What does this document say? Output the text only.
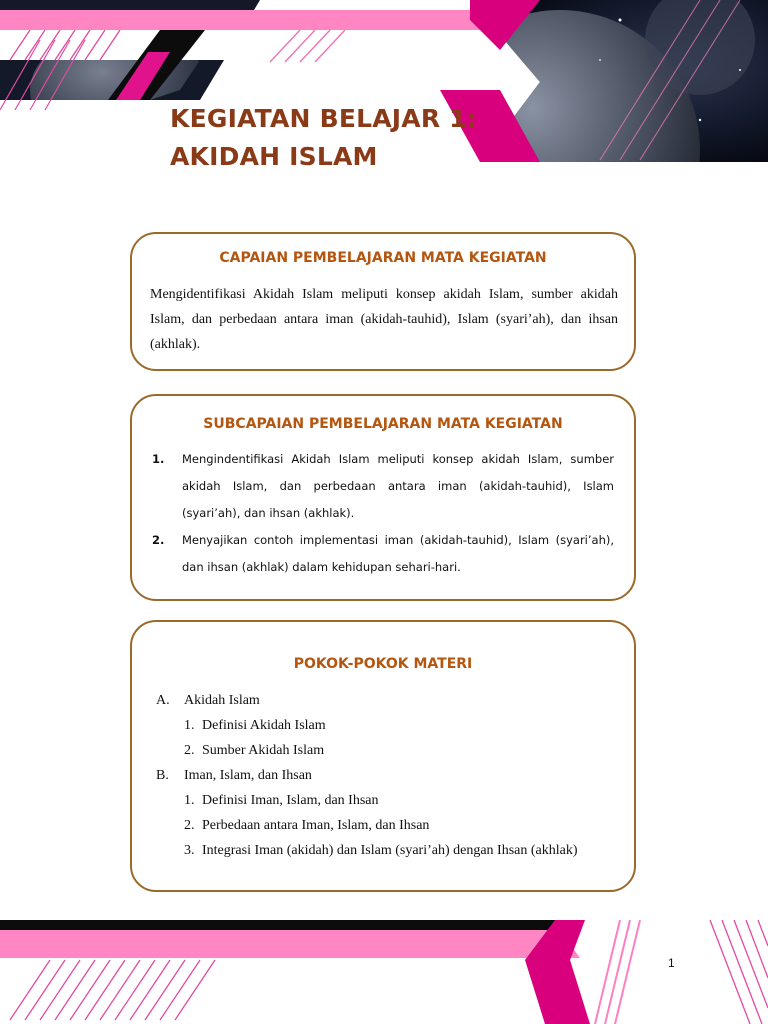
KEGIATAN BELAJAR 1:
AKIDAH ISLAM
CAPAIAN PEMBELAJARAN MATA KEGIATAN
Mengidentifikasi Akidah Islam meliputi konsep akidah Islam, sumber akidah Islam, dan perbedaan antara iman (akidah-tauhid), Islam (syari’ah), dan ihsan (akhlak).
SUBCAPAIAN PEMBELAJARAN MATA KEGIATAN
1. Mengindentifikasi Akidah Islam meliputi konsep akidah Islam, sumber akidah Islam, dan perbedaan antara iman (akidah-tauhid), Islam (syari’ah), dan ihsan (akhlak).
2. Menyajikan contoh implementasi iman (akidah-tauhid), Islam (syari’ah), dan ihsan (akhlak) dalam kehidupan sehari-hari.
POKOK-POKOK MATERI
A. Akidah Islam
1. Definisi Akidah Islam
2. Sumber Akidah Islam
B. Iman, Islam, dan Ihsan
1. Definisi Iman, Islam, dan Ihsan
2. Perbedaan antara Iman, Islam, dan Ihsan
3. Integrasi Iman (akidah) dan Islam (syari’ah) dengan Ihsan (akhlak)
1
